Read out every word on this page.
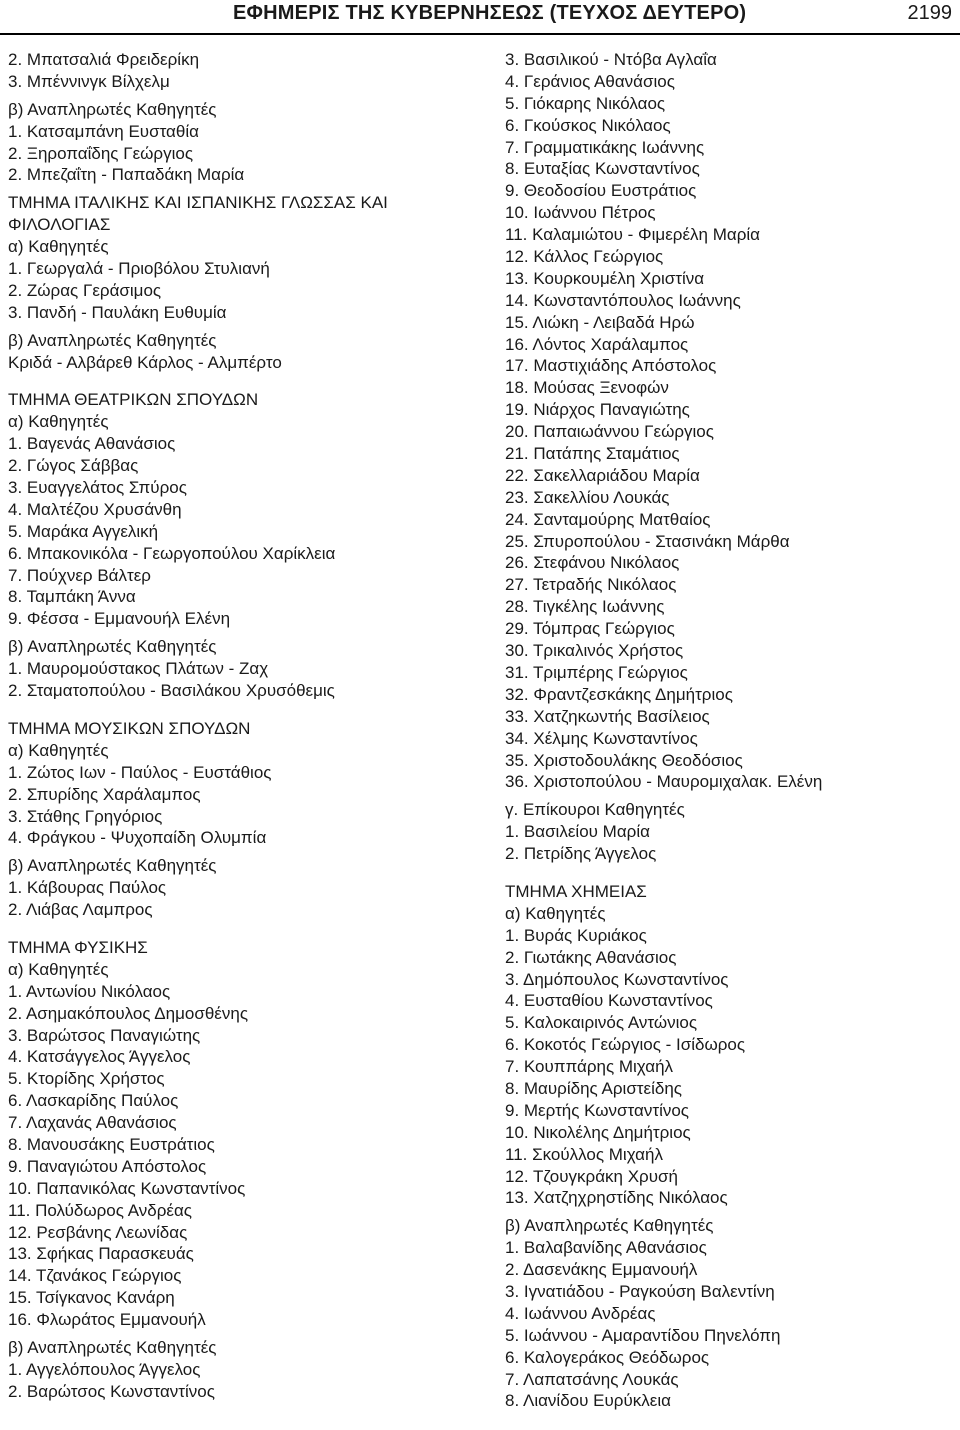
ΕΦΗΜΕΡΙΣ ΤΗΣ ΚΥΒΕΡΝΗΣΕΩΣ (ΤΕΥΧΟΣ ΔΕΥΤΕΡΟ)	2199
2. Μπατσαλιά Φρειδερίκη
3. Μπέννινγκ Βίλχελμ
β) Αναπληρωτές Καθηγητές
1. Κατσαμπάνη Ευσταθία
2. Ξηροπαΐδης Γεώργιος
2. Μπεζαΐτη - Παπαδάκη Μαρία
ΤΜΗΜΑ ΙΤΑΛΙΚΗΣ ΚΑΙ ΙΣΠΑΝΙΚΗΣ ΓΛΩΣΣΑΣ ΚΑΙ
ΦΙΛΟΛΟΓΙΑΣ
α) Καθηγητές
1. Γεωργαλά - Πριοβόλου Στυλιανή
2. Ζώρας Γεράσιμος
3. Πανδή - Παυλάκη Ευθυμία
β) Αναπληρωτές Καθηγητές
Κριδά - Αλβάρεθ Κάρλος - Αλμπέρτο
ΤΜΗΜΑ ΘΕΑΤΡΙΚΩΝ ΣΠΟΥΔΩΝ
α) Καθηγητές
1. Βαγενάς Αθανάσιος
2. Γώγος Σάββας
3. Ευαγγελάτος Σπύρος
4. Μαλτέζου Χρυσάνθη
5. Μαράκα Αγγελική
6. Μπακονικόλα - Γεωργοπούλου Χαρίκλεια
7. Πούχνερ Βάλτερ
8. Ταμπάκη Άννα
9. Φέσσα - Εμμανουήλ Ελένη
β) Αναπληρωτές Καθηγητές
1. Μαυρομούστακος Πλάτων - Ζαχ
2. Σταματοπούλου - Βασιλάκου Χρυσόθεμις
ΤΜΗΜΑ ΜΟΥΣΙΚΩΝ ΣΠΟΥΔΩΝ
α) Καθηγητές
1. Ζώτος Ιων - Παύλος - Ευστάθιος
2. Σπυρίδης Χαράλαμπος
3. Στάθης Γρηγόριος
4. Φράγκου - Ψυχοπαίδη Ολυμπία
β) Αναπληρωτές Καθηγητές
1. Κάβουρας Παύλος
2. Λιάβας Λαμπρος
ΤΜΗΜΑ ΦΥΣΙΚΗΣ
α) Καθηγητές
1. Αντωνίου Νικόλαος
2. Ασημακόπουλος Δημοσθένης
3. Βαρώτσος Παναγιώτης
4. Κατσάγγελος Άγγελος
5. Κτορίδης Χρήστος
6. Λασκαρίδης Παύλος
7. Λαχανάς Αθανάσιος
8. Μανουσάκης Ευστράτιος
9. Παναγιώτου Απόστολος
10. Παπανικόλας Κωνσταντίνος
11. Πολύδωρος Ανδρέας
12. Ρεσβάνης Λεωνίδας
13. Σφήκας Παρασκευάς
14. Τζανάκος Γεώργιος
15. Τσίγκανος Κανάρη
16. Φλωράτος Εμμανουήλ
β) Αναπληρωτές Καθηγητές
1. Αγγελόπουλος Άγγελος
2. Βαρώτσος Κωνσταντίνος
3. Βασιλικού - Ντόβα Αγλαΐα
4. Γεράνιος Αθανάσιος
5. Γιόκαρης Νικόλαος
6. Γκούσκος Νικόλαος
7. Γραμματικάκης Ιωάννης
8. Ευταξίας Κωνσταντίνος
9. Θεοδοσίου Ευστράτιος
10. Ιωάννου Πέτρος
11. Καλαμιώτου - Φιμερέλη Μαρία
12. Κάλλος Γεώργιος
13. Κουρκουμέλη Χριστίνα
14. Κωνσταντόπουλος Ιωάννης
15. Λιώκη - Λειβαδά Ηρώ
16. Λόντος Χαράλαμπος
17. Μαστιχιάδης Απόστολος
18. Μούσας Ξενοφών
19. Νιάρχος Παναγιώτης
20. Παπαιωάννου Γεώργιος
21. Πατάπης Σταμάτιος
22. Σακελλαριάδου Μαρία
23. Σακελλίου Λουκάς
24. Σανταμούρης Ματθαίος
25. Σπυροπούλου - Στασινάκη Μάρθα
26. Στεφάνου Νικόλαος
27. Τετραδής Νικόλαος
28. Τιγκέλης Ιωάννης
29. Τόμπρας Γεώργιος
30. Τρικαλινός Χρήστος
31. Τριμπέρης Γεώργιος
32. Φραντζεσκάκης Δημήτριος
33. Χατζηκωντής Βασίλειος
34. Χέλμης Κωνσταντίνος
35. Χριστοδουλάκης Θεοδόσιος
36. Χριστοπούλου - Μαυρομιχαλακ. Ελένη
γ. Επίκουροι Καθηγητές
1. Βασιλείου Μαρία
2. Πετρίδης Άγγελος
ΤΜΗΜΑ ΧΗΜΕΙΑΣ
α) Καθηγητές
1. Βυράς Κυριάκος
2. Γιωτάκης Αθανάσιος
3. Δημόπουλος Κωνσταντίνος
4. Ευσταθίου Κωνσταντίνος
5. Καλοκαιρινός Αντώνιος
6. Κοκοτός Γεώργιος - Ισίδωρος
7. Κουππάρης Μιχαήλ
8. Μαυρίδης Αριστείδης
9. Μερτής Κωνσταντίνος
10. Νικολέλης Δημήτριος
11. Σκούλλος Μιχαήλ
12. Τζουγκράκη Χρυσή
13. Χατζηχρηστίδης Νικόλαος
β) Αναπληρωτές Καθηγητές
1. Βαλαβανίδης Αθανάσιος
2. Δασενάκης Εμμανουήλ
3. Ιγνατιάδου - Ραγκούση Βαλεντίνη
4. Ιωάννου Ανδρέας
5. Ιωάννου - Αμαραντίδου Πηνελόπη
6. Καλογεράκος Θεόδωρος
7. Λαπατσάνης Λουκάς
8. Λιανίδου Ευρύκλεια
